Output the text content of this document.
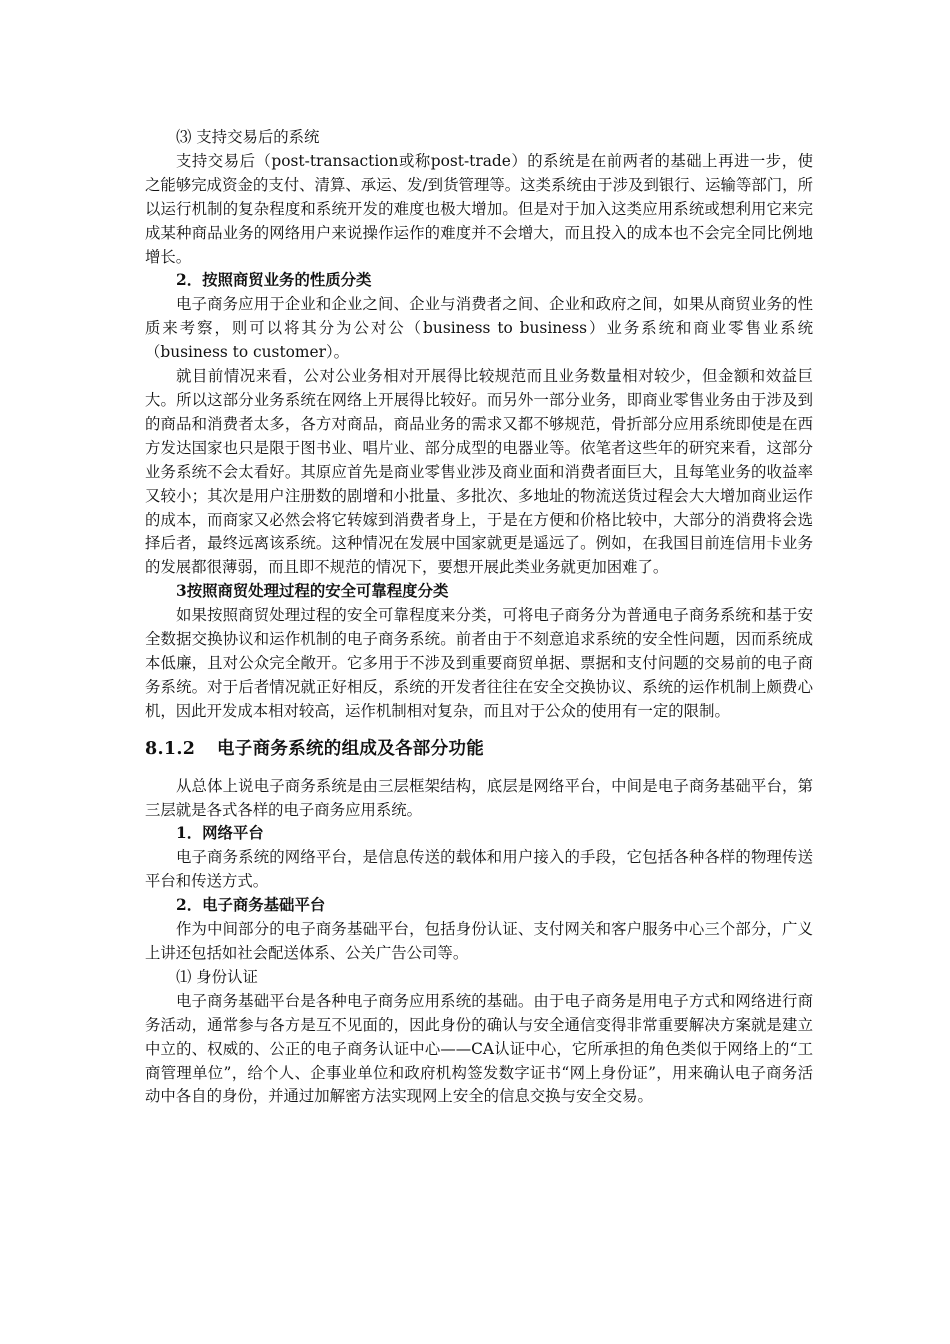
⑶ 支持交易后的系统

支持交易后（post-transaction或称post-trade）的系统是在前两者的基础上再进一步，使之能够完成资金的支付、清算、承运、发/到货管理等。这类系统由于涉及到银行、运输等部门，所以运行机制的复杂程度和系统开发的难度也极大增加。但是对于加入这类应用系统或想利用它来完成某种商品业务的网络用户来说操作运作的难度并不会增大，而且投入的成本也不会完全同比例地增长。

2．按照商贸业务的性质分类

电子商务应用于企业和企业之间、企业与消费者之间、企业和政府之间，如果从商贸业务的性质来考察，则可以将其分为公对公（business to business）业务系统和商业零售业系统（business to customer）。

就目前情况来看，公对公业务相对开展得比较规范而且业务数量相对较少，但金额和效益巨大。所以这部分业务系统在网络上开展得比较好。而另外一部分业务，即商业零售业务由于涉及到的商品和消费者太多，各方对商品，商品业务的需求又都不够规范，骨折部分应用系统即使是在西方发达国家也只是限于图书业、唱片业、部分成型的电器业等。依笔者这些年的研究来看，这部分业务系统不会太看好。其原应首先是商业零售业涉及商业面和消费者面巨大，且每笔业务的收益率又较小；其次是用户注册数的剧增和小批量、多批次、多地址的物流送货过程会大大增加商业运作的成本，而商家又必然会将它转嫁到消费者身上，于是在方便和价格比较中，大部分的消费将会选择后者，最终远离该系统。这种情况在发展中国家就更是遥远了。例如，在我国目前连信用卡业务的发展都很薄弱，而且即不规范的情况下，要想开展此类业务就更加困难了。

3按照商贸处理过程的安全可靠程度分类

如果按照商贸处理过程的安全可靠程度来分类，可将电子商务分为普通电子商务系统和基于安全数据交换协议和运作机制的电子商务系统。前者由于不刻意追求系统的安全性问题，因而系统成本低廉，且对公众完全敞开。它多用于不涉及到重要商贸单据、票据和支付问题的交易前的电子商务系统。对于后者情况就正好相反，系统的开发者往往在安全交换协议、系统的运作机制上颇费心机，因此开发成本相对较高，运作机制相对复杂，而且对于公众的使用有一定的限制。

8.1.2 电子商务系统的组成及各部分功能

从总体上说电子商务系统是由三层框架结构，底层是网络平台，中间是电子商务基础平台，第三层就是各式各样的电子商务应用系统。

1．网络平台

电子商务系统的网络平台，是信息传送的载体和用户接入的手段，它包括各种各样的物理传送平台和传送方式。

2．电子商务基础平台

作为中间部分的电子商务基础平台，包括身份认证、支付网关和客户服务中心三个部分，广义上讲还包括如社会配送体系、公关广告公司等。

⑴ 身份认证

电子商务基础平台是各种电子商务应用系统的基础。由于电子商务是用电子方式和网络进行商务活动，通常参与各方是互不见面的，因此身份的确认与安全通信变得非常重要解决方案就是建立中立的、权威的、公正的电子商务认证中心——CA认证中心，它所承担的角色类似于网络上的“工商管理单位”，给个人、企事业单位和政府机构签发数字证书“网上身份证”，用来确认电子商务活动中各自的身份，并通过加解密方法实现网上安全的信息交换与安全交易。
